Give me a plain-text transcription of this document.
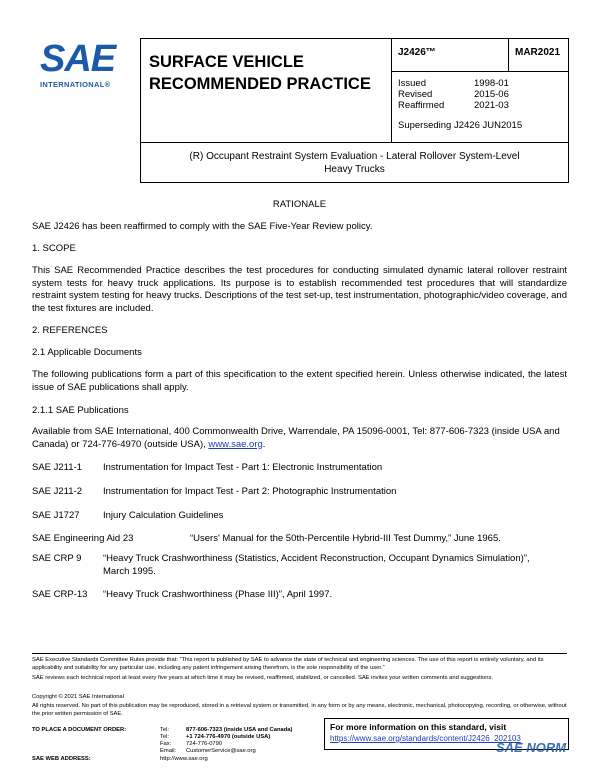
SAE
INTERNATIONAL®
SURFACE VEHICLE
RECOMMENDED PRACTICE
J2426™	MAR2021
Issued	1998-01
Revised	2015-06
Reaffirmed	2021-03
Superseding J2426 JUN2015
(R) Occupant Restraint System Evaluation - Lateral Rollover System-Level
Heavy Trucks
RATIONALE
SAE J2426 has been reaffirmed to comply with the SAE Five-Year Review policy.
1. SCOPE
This SAE Recommended Practice describes the test procedures for conducting simulated dynamic lateral rollover restraint system tests for heavy truck applications. Its purpose is to establish recommended test procedures that will standardize restraint system testing for heavy trucks. Descriptions of the test set-up, test instrumentation, photographic/video coverage, and the test fixtures are included.
2. REFERENCES
2.1 Applicable Documents
The following publications form a part of this specification to the extent specified herein. Unless otherwise indicated, the latest issue of SAE publications shall apply.
2.1.1 SAE Publications
Available from SAE International, 400 Commonwealth Drive, Warrendale, PA 15096-0001, Tel: 877-606-7323 (inside USA and Canada) or 724-776-4970 (outside USA), www.sae.org.
SAE J211-1 Instrumentation for Impact Test - Part 1: Electronic Instrumentation
SAE J211-2 Instrumentation for Impact Test - Part 2: Photographic Instrumentation
SAE J1727 Injury Calculation Guidelines
SAE Engineering Aid 23	“Users' Manual for the 50th-Percentile Hybrid-III Test Dummy,” June 1965.
SAE CRP 9 “Heavy Truck Crashworthiness (Statistics, Accident Reconstruction, Occupant Dynamics Simulation)”,
March 1995.
SAE CRP-13 “Heavy Truck Crashworthiness (Phase III)”, April 1997.
SAE Executive Standards Committee Rules provide that: “This report is published by SAE to advance the state of technical and engineering sciences. The use of this report is entirely voluntary, and its applicability and suitability for any particular use, including any patent infringement arising therefrom, is the sole responsibility of the user.”
SAE reviews each technical report at least every five years at which time it may be revised, reaffirmed, stabilized, or cancelled. SAE invites your written comments and suggestions.
Copyright © 2021 SAE International
All rights reserved. No part of this publication may be reproduced, stored in a retrieval system or transmitted, in any form or by any means, electronic, mechanical, photocopying, recording, or otherwise, without the prior written permission of SAE.
TO PLACE A DOCUMENT ORDER:	Tel:	877-606-7323 (inside USA and Canada)
Tel:	+1 724-776-4970 (outside USA)
Fax:	724-776-0790
Email: CustomerService@sae.org
SAE WEB ADDRESS:	http://www.sae.org
For more information on this standard, visit
https://www.sae.org/standards/content/J2426_202103
SAE NORM
